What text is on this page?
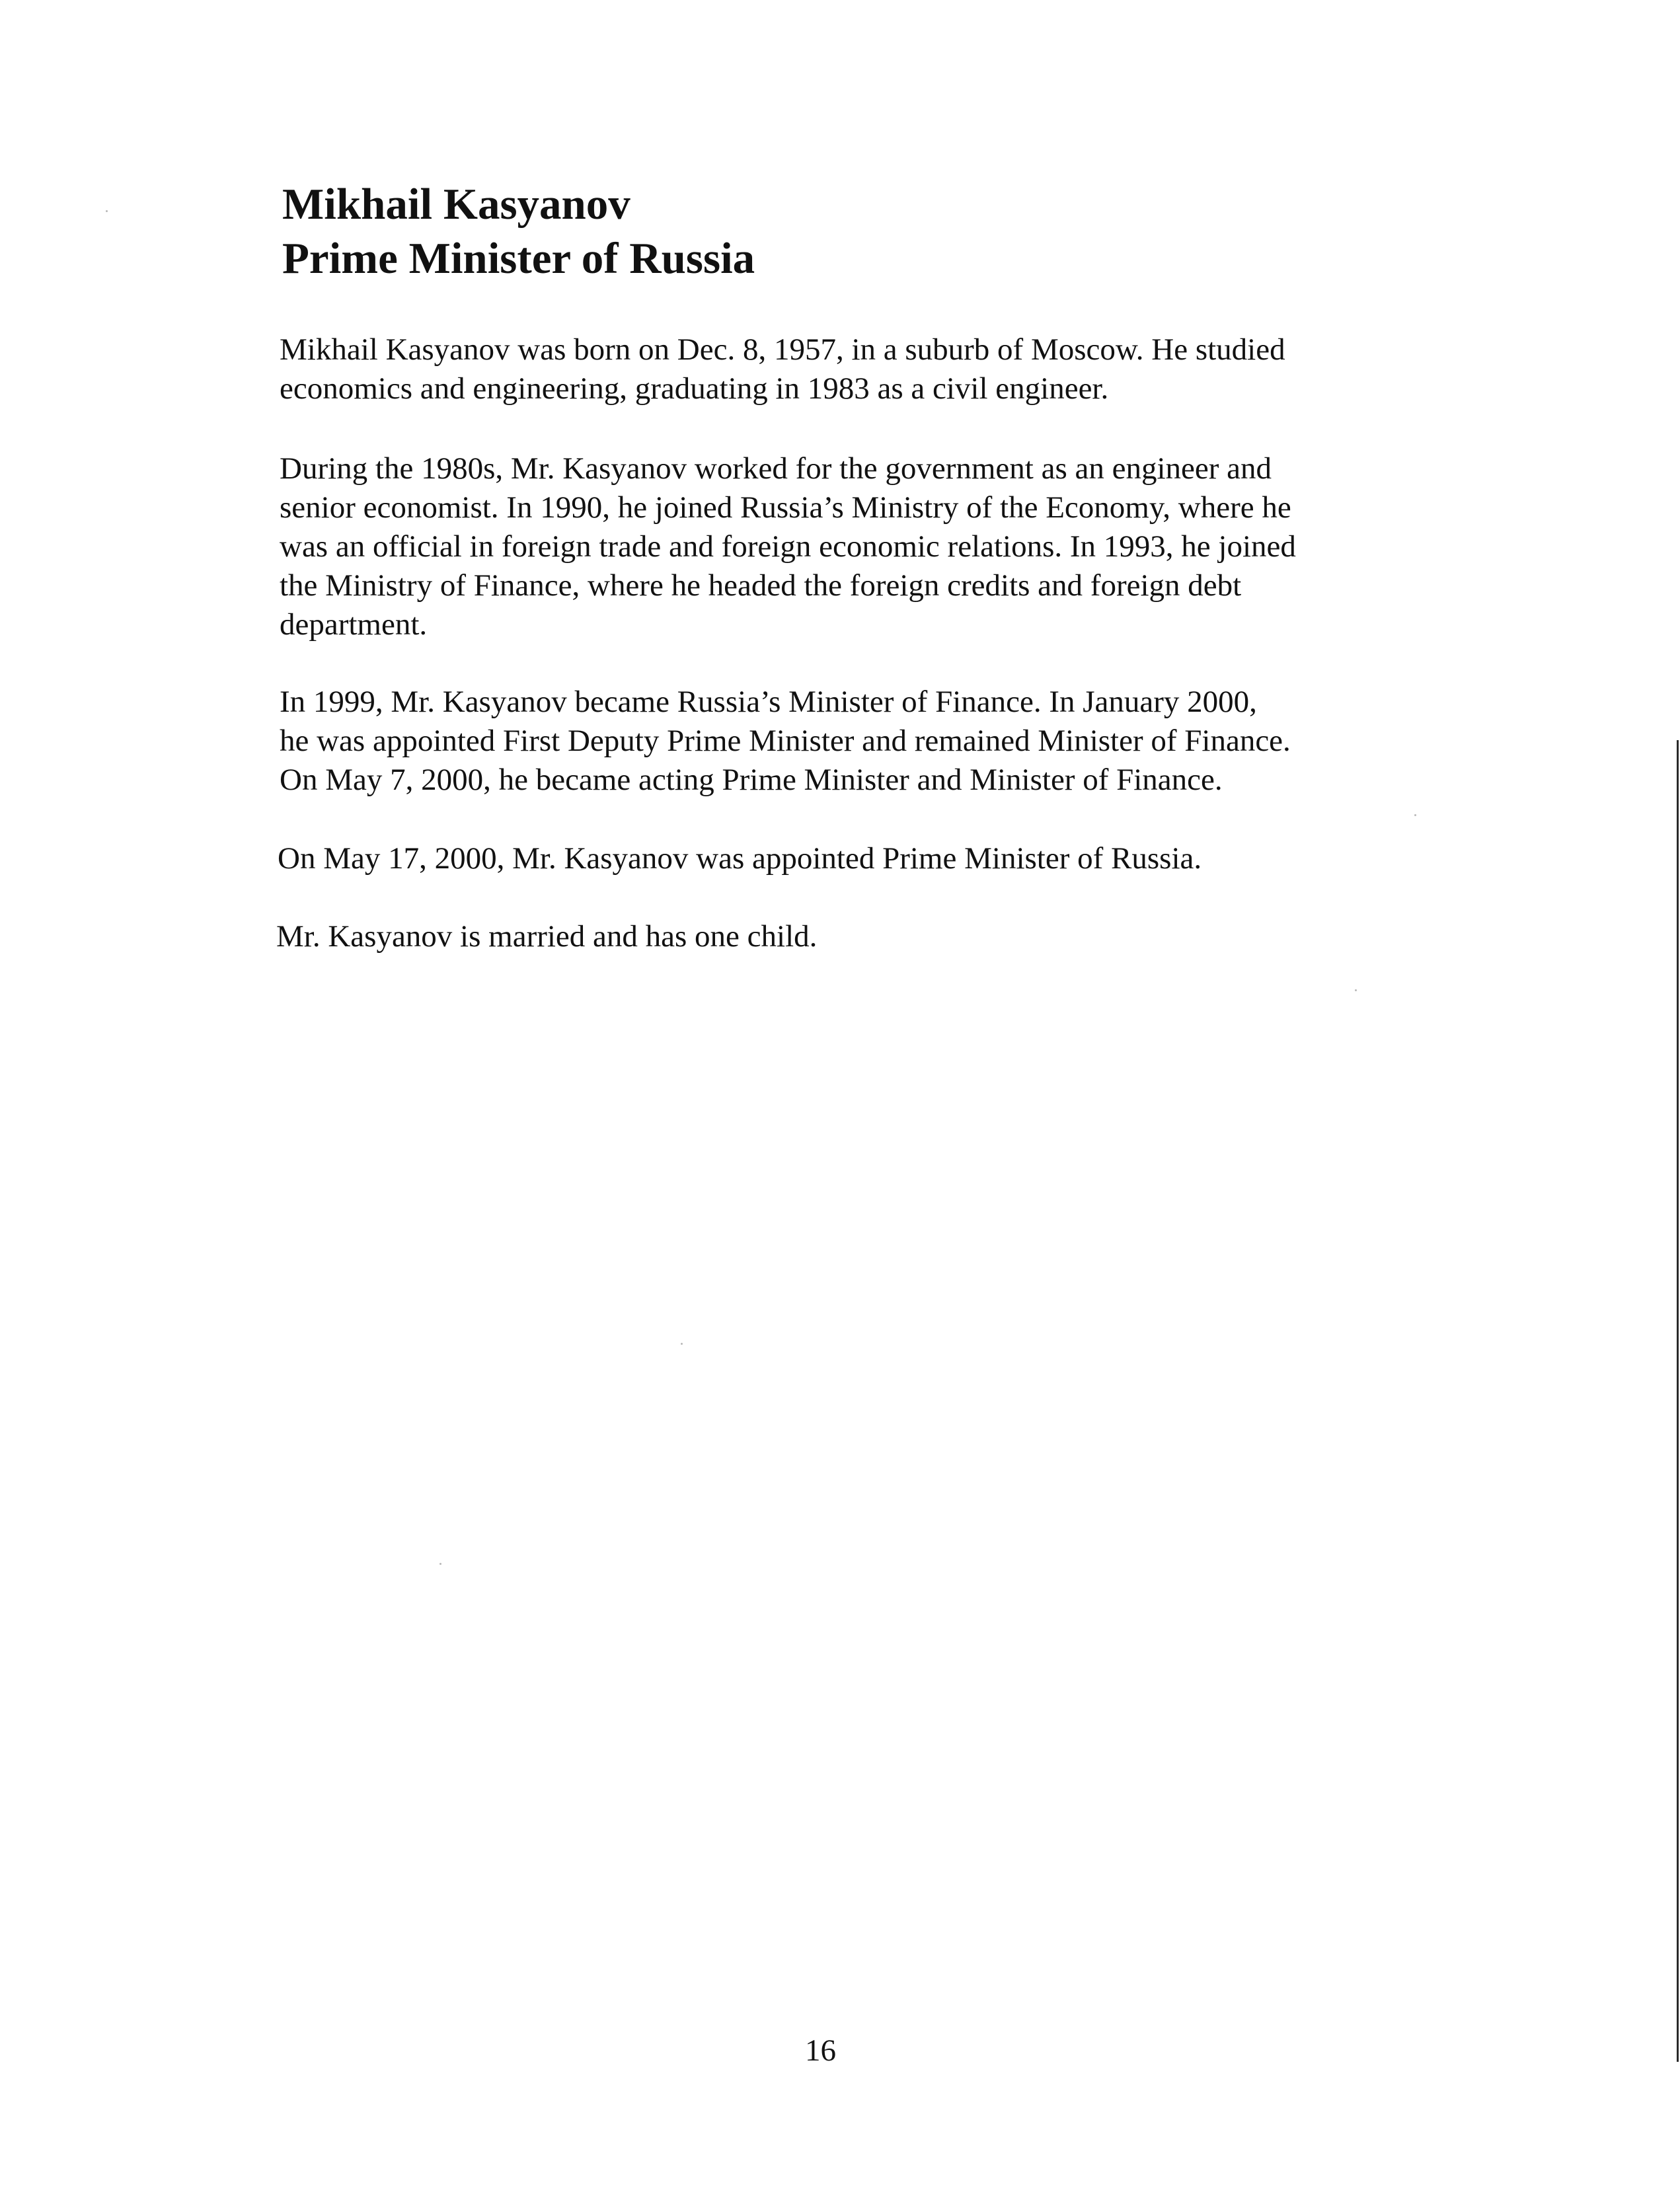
Mikhail Kasyanov
Prime Minister of Russia

Mikhail Kasyanov was born on Dec. 8, 1957, in a suburb of Moscow. He studied
economics and engineering, graduating in 1983 as a civil engineer.

During the 1980s, Mr. Kasyanov worked for the government as an engineer and
senior economist. In 1990, he joined Russia’s Ministry of the Economy, where he
was an official in foreign trade and foreign economic relations. In 1993, he joined
the Ministry of Finance, where he headed the foreign credits and foreign debt
department.

In 1999, Mr. Kasyanov became Russia’s Minister of Finance. In January 2000,
he was appointed First Deputy Prime Minister and remained Minister of Finance.
On May 7, 2000, he became acting Prime Minister and Minister of Finance.

On May 17, 2000, Mr. Kasyanov was appointed Prime Minister of Russia.

Mr. Kasyanov is married and has one child.

16
